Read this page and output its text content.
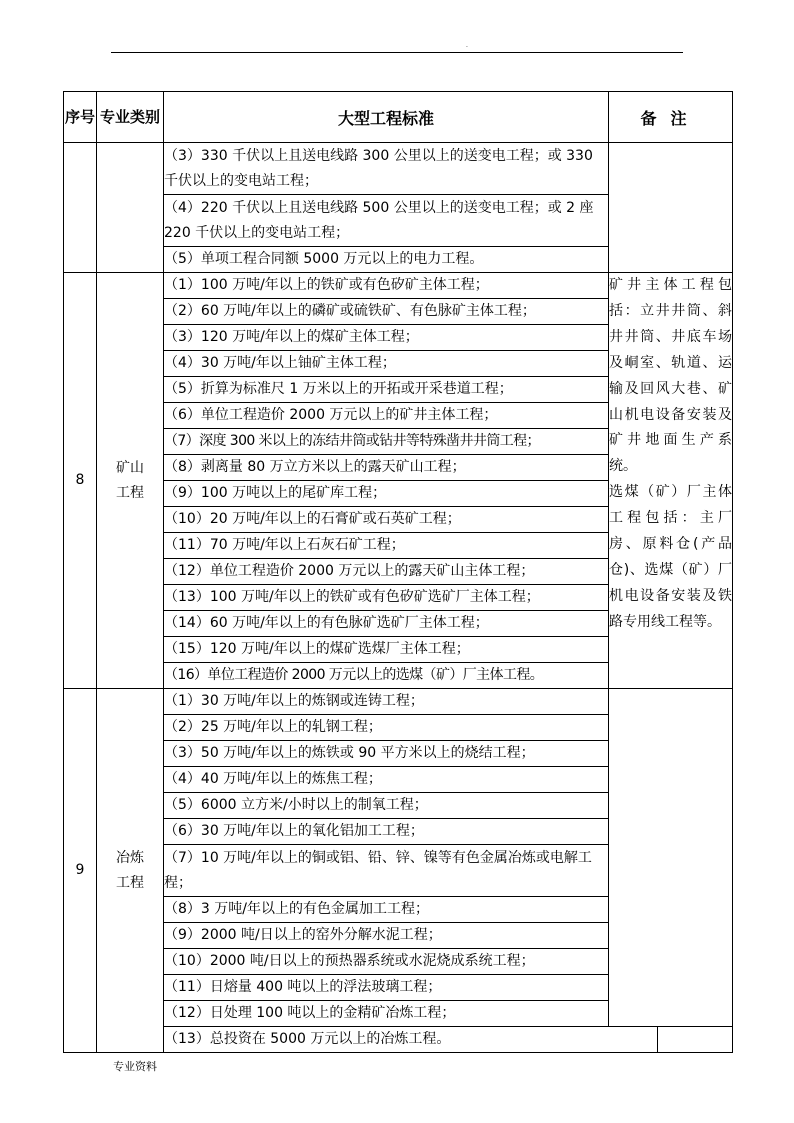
.
序号	专业类别	大型工程标准	备注	
		（3）330 千伏以上且送电线路 300 公里以上的送变电工程；或 330 千伏以上的变电站工程；		
		（4）220 千伏以上且送电线路 500 公里以上的送变电工程；或 2 座 220 千伏以上的变电站工程；		
		（5）单项工程合同额 5000 万元以上的电力工程。		
8	矿山工程	（1）100 万吨/年以上的铁矿或有色矽矿主体工程；	矿井主体工程包括：立井井筒、斜井井筒、井底车场及峒室、轨道、运输及回风大巷、矿山机电设备安装及矿井地面生产系统。
选煤（矿）厂主体工程包括：主厂房、原料仓(产品仓)、选煤（矿）厂机电设备安装及铁路专用线工程等。	

		（2）60 万吨/年以上的磷矿或硫铁矿、有色脉矿主体工程；		
		（3）120 万吨/年以上的煤矿主体工程；		
		（4）30 万吨/年以上铀矿主体工程；		
		（5）折算为标准尺 1 万米以上的开拓或开采巷道工程；		
		（6）单位工程造价 2000 万元以上的矿井主体工程；		
		（7）深度 300 米以上的冻结井筒或钻井等特殊凿井井筒工程；		
		（8）剥离量 80 万立方米以上的露天矿山工程；		
		（9）100 万吨以上的尾矿库工程；		
		（10）20 万吨/年以上的石膏矿或石英矿工程；		
		（11）70 万吨/年以上石灰石矿工程；		
		（12）单位工程造价 2000 万元以上的露天矿山主体工程；		
		（13）100 万吨/年以上的铁矿或有色矽矿选矿厂主体工程；		
		（14）60 万吨/年以上的有色脉矿选矿厂主体工程；		
		（15）120 万吨/年以上的煤矿选煤厂主体工程；		
		（16）单位工程造价 2000 万元以上的选煤（矿）厂主体工程。		
9	冶炼工程	（1）30 万吨/年以上的炼钢或连铸工程；		
		（2）25 万吨/年以上的轧钢工程；		
		（3）50 万吨/年以上的炼铁或 90 平方米以上的烧结工程；		
		（4）40 万吨/年以上的炼焦工程；		
		（5）6000 立方米/小时以上的制氧工程；		
		（6）30 万吨/年以上的氧化铝加工工程；		
		（7）10 万吨/年以上的铜或铝、铅、锌、镍等有色金属冶炼或电解工程；		
		（8）3 万吨/年以上的有色金属加工工程；		
		（9）2000 吨/日以上的窑外分解水泥工程；		
		（10）2000 吨/日以上的预热器系统或水泥烧成系统工程；		
		（11）日熔量 400 吨以上的浮法玻璃工程；		
		（12）日处理 100 吨以上的金精矿冶炼工程；		
		（13）总投资在 5000 万元以上的冶炼工程。		
专业资料
